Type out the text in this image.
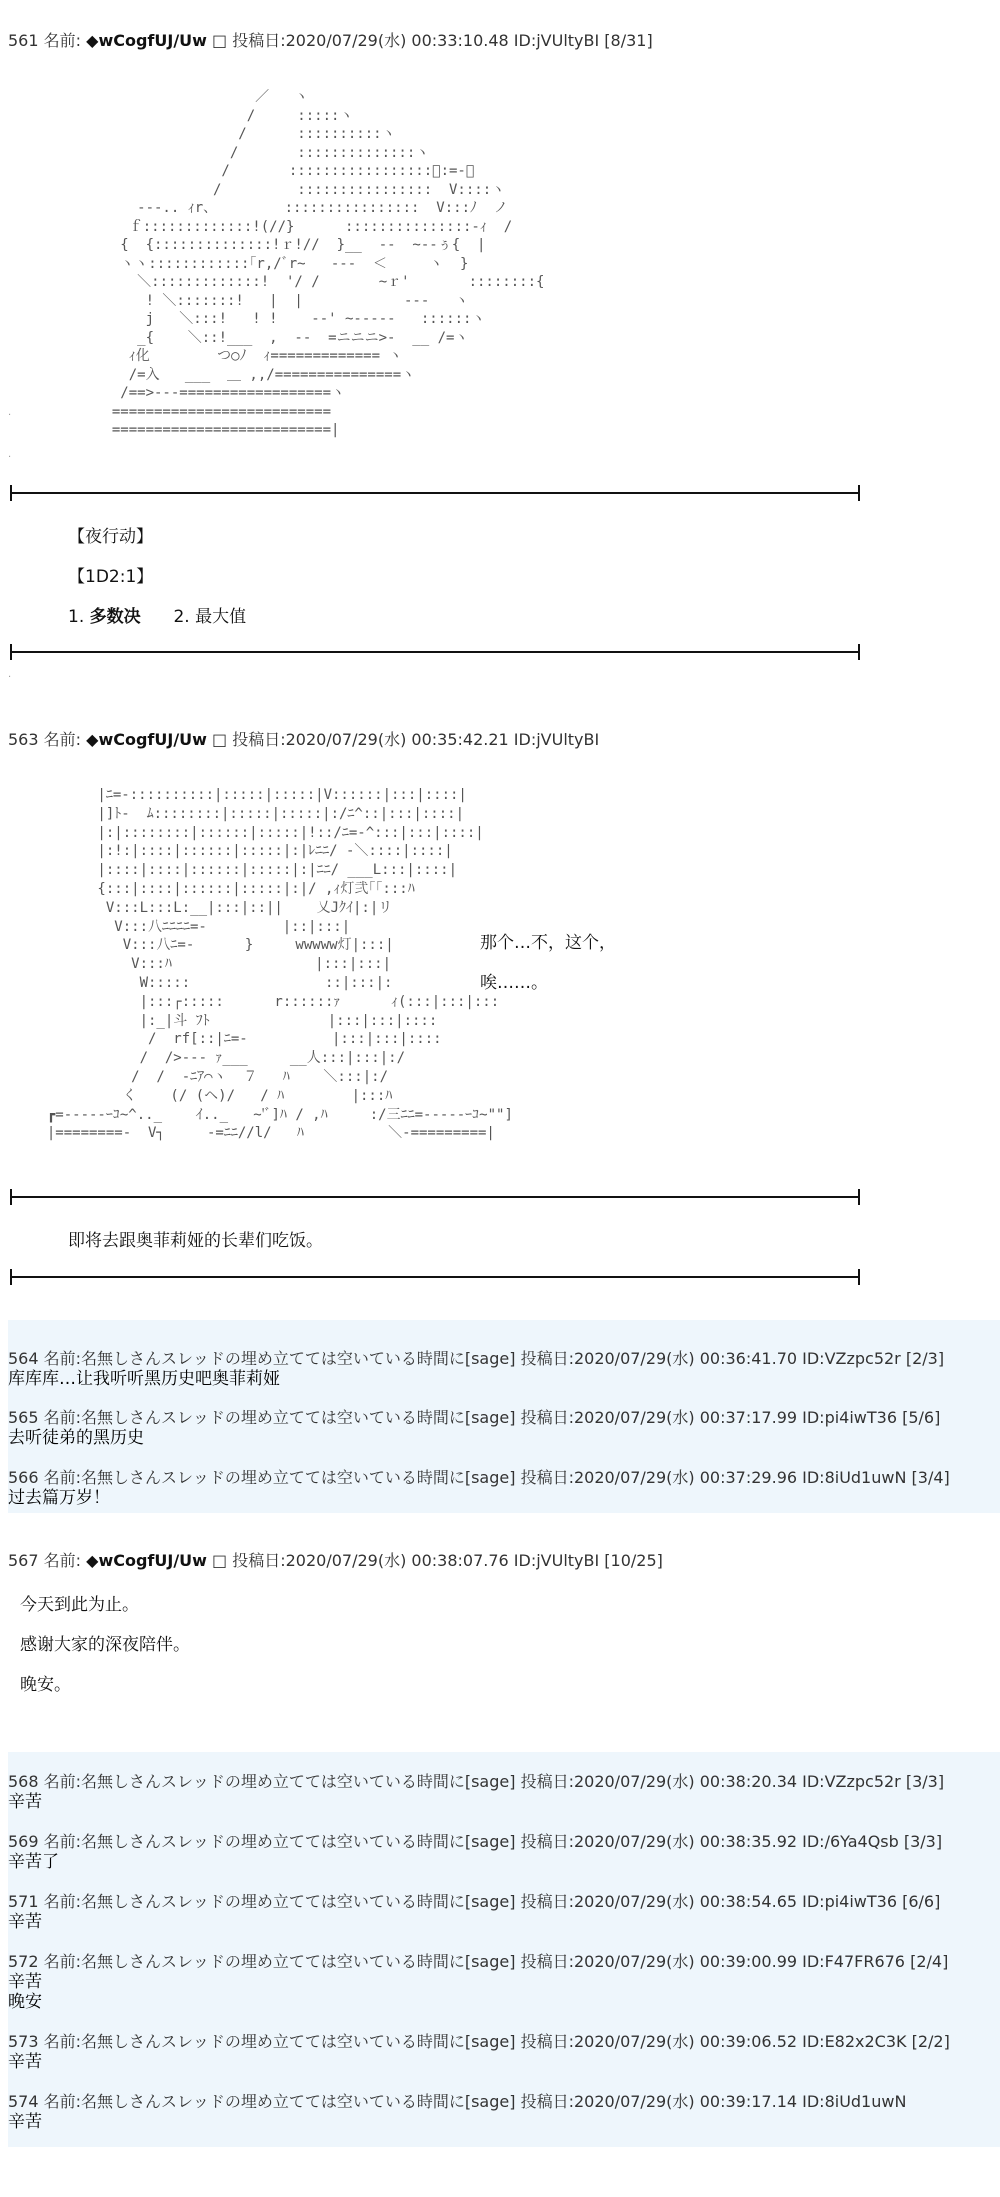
561 名前: ◆wCogfUJ/Uw □ 投稿日:2020/07/29(水) 00:33:10.48 ID:jVUltyBI [8/31]
／   ヽ
/     :::::ヽ
/      ::::::::::ヽ
/       ::::::::::::::ヽ
/       :::::::::::::::::ﾞ:=-、
/         ::::::::::::::::  V::::ヽ
-‐-.. ｨr、        ::::::::::::::::  V:::ﾉ  ノ
ｆ:::::::::::::!(//}      :::::::::::::::-ｨ  /
{  {::::::::::::::!ｒ!//  }__  ‐‐  ~‐-ぅ{  |
ヽヽ::::::::::::｢r,/ﾞr~   ‐‐‐  ＜     ヽ  }
＼:::::::::::::!  '/ /       ~ｒ'       ::::::::{
! ＼:::::::!   |  |            ‐‐‐   ヽ
j   ＼:::!   ! !    ‐‐' ~‐‐‐‐‐   ::::::ヽ
_{    ＼::!___  ,  --  =ニニニ>-  __ /=ヽ
ｨ化        つ○ﾉ  ｨ============= ヽ
/=入   ___  ＿ ,,/===============ヽ
/==>‐‐‐==================ヽ
==========================
==========================|
·
·
【夜行动】
【1D2:1】
1. 多数决 2. 最大值
·
563 名前: ◆wCogfUJ/Uw □ 投稿日:2020/07/29(水) 00:35:42.21 ID:jVUltyBI
|ﾆ=-::::::::::|:::::|:::::|V::::::|:::|::::|
|]ﾄ-  ﾑ::::::::|:::::|:::::|:/ﾆ^::|:::|::::|
|:|::::::::|::::::|:::::|!::/ﾆ=-^:::|:::|::::|
|:!:|::::|::::::|:::::|:|ﾚﾆﾆ/ ‐＼::::|::::|
|::::|::::|::::::|:::::|:|ﾆﾆ/ ___L:::|::::|
{:::|::::|::::::|:::::|:|/ ,ｨ灯弐｢｢:::ﾊ
V:::L:::L:__|:::|::||    乂Jｸｲ|:|リ
V:::八ﾆﾆﾆﾆ=-         |::|:::|
V:::八ﾆ=-      }     wwwww灯|:::|
V:::ﾊ                 |:::|:::|
W:::::                ::|:::|:
|:::┌:::::      r::::::ｧ      ｨ(:::|:::|:::
|:_|斗 ﾌﾄ              |:::|:::|::::
/  rf[::|ﾆ=-          |:::|:::|::::
/  />‐‐‐ ｧ___     __人:::|:::|:/
/  /  ‐ﾆｱ⌒ヽ  ７   ﾊ    ＼:::|:/
く    (/ (ヘ)/   / ﾊ        |:::ﾊ
┏=-‐‐‐‐ｰｺ~^.._    ｲ.._   ~'ﾞ]ﾊ / ,ﾊ     :/三ﾆﾆ=-‐‐‐‐ｰｺ~""]
|========-  V┐     ‐=ﾆﾆ//l/   ﾊ          ＼-=========|
那个…不，这个，
唉……。
即将去跟奥菲莉娅的长辈们吃饭。
564 名前:名無しさんスレッドの埋め立てては空いている時間に[sage] 投稿日:2020/07/29(水) 00:36:41.70 ID:VZzpc52r [2/3]
库库库…让我听听黑历史吧奥菲莉娅
565 名前:名無しさんスレッドの埋め立てては空いている時間に[sage] 投稿日:2020/07/29(水) 00:37:17.99 ID:pi4iwT36 [5/6]
去听徒弟的黑历史
566 名前:名無しさんスレッドの埋め立てては空いている時間に[sage] 投稿日:2020/07/29(水) 00:37:29.96 ID:8iUd1uwN [3/4]
过去篇万岁！
567 名前: ◆wCogfUJ/Uw □ 投稿日:2020/07/29(水) 00:38:07.76 ID:jVUltyBI [10/25]
今天到此为止。
感谢大家的深夜陪伴。
晚安。
568 名前:名無しさんスレッドの埋め立てては空いている時間に[sage] 投稿日:2020/07/29(水) 00:38:20.34 ID:VZzpc52r [3/3]
辛苦
569 名前:名無しさんスレッドの埋め立てては空いている時間に[sage] 投稿日:2020/07/29(水) 00:38:35.92 ID:/6Ya4Qsb [3/3]
辛苦了
571 名前:名無しさんスレッドの埋め立てては空いている時間に[sage] 投稿日:2020/07/29(水) 00:38:54.65 ID:pi4iwT36 [6/6]
辛苦
572 名前:名無しさんスレッドの埋め立てては空いている時間に[sage] 投稿日:2020/07/29(水) 00:39:00.99 ID:F47FR676 [2/4]
辛苦
晚安
573 名前:名無しさんスレッドの埋め立てては空いている時間に[sage] 投稿日:2020/07/29(水) 00:39:06.52 ID:E82x2C3K [2/2]
辛苦
574 名前:名無しさんスレッドの埋め立てては空いている時間に[sage] 投稿日:2020/07/29(水) 00:39:17.14 ID:8iUd1uwN
辛苦
